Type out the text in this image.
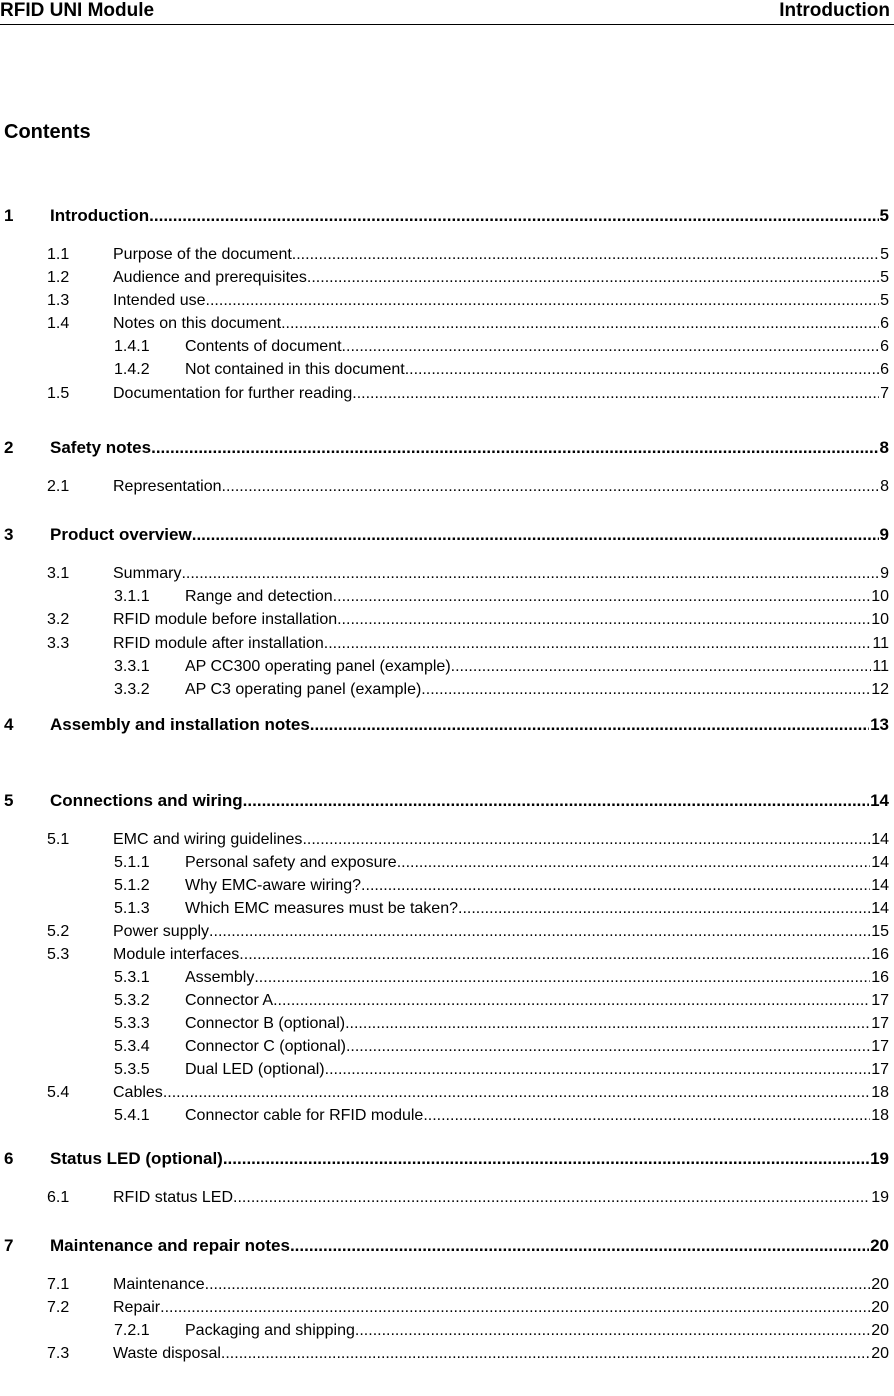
RFID UNI Module	Introduction
Contents
1	Introduction .....	5
1.1	Purpose of the document .....	5
1.2	Audience and prerequisites .....	5
1.3	Intended use .....	5
1.4	Notes on this document .....	6
1.4.1	Contents of document .....	6
1.4.2	Not contained in this document .....	6
1.5	Documentation for further reading .....	7
2	Safety notes .....	8
2.1	Representation .....	8
3	Product overview .....	9
3.1	Summary .....	9
3.1.1	Range and detection .....	10
3.2	RFID module before installation .....	10
3.3	RFID module after installation .....	11
3.3.1	AP CC300 operating panel (example) .....	11
3.3.2	AP C3 operating panel (example) .....	12
4	Assembly and installation notes .....	13
5	Connections and wiring .....	14
5.1	EMC and wiring guidelines .....	14
5.1.1	Personal safety and exposure .....	14
5.1.2	Why EMC-aware wiring? .....	14
5.1.3	Which EMC measures must be taken? .....	14
5.2	Power supply .....	15
5.3	Module interfaces .....	16
5.3.1	Assembly .....	16
5.3.2	Connector A .....	17
5.3.3	Connector B (optional) .....	17
5.3.4	Connector C (optional) .....	17
5.3.5	Dual LED (optional) .....	17
5.4	Cables .....	18
5.4.1	Connector cable for RFID module .....	18
6	Status LED (optional) .....	19
6.1	RFID status LED .....	19
7	Maintenance and repair notes .....	20
7.1	Maintenance .....	20
7.2	Repair .....	20
7.2.1	Packaging and shipping .....	20
7.3	Waste disposal .....	20
